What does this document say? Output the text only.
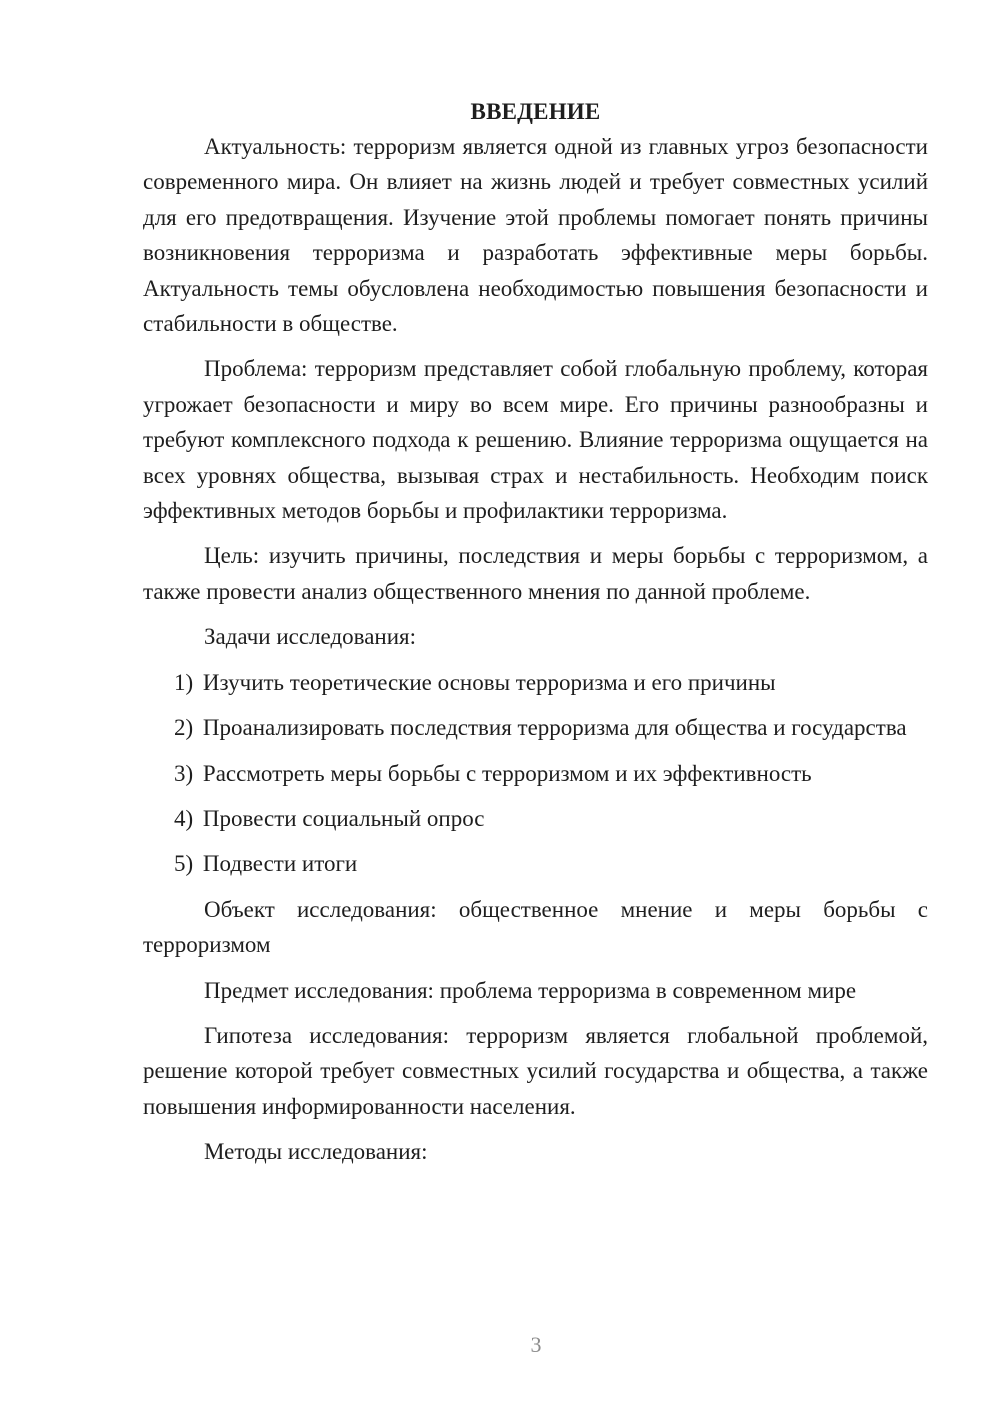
ВВЕДЕНИЕ

Актуальность: терроризм является одной из главных угроз безопасности современного мира. Он влияет на жизнь людей и требует совместных усилий для его предотвращения. Изучение этой проблемы помогает понять причины возникновения терроризма и разработать эффективные меры борьбы. Актуальность темы обусловлена необходимостью повышения безопасности и стабильности в обществе.

Проблема: терроризм представляет собой глобальную проблему, которая угрожает безопасности и миру во всем мире. Его причины разнообразны и требуют комплексного подхода к решению. Влияние терроризма ощущается на всех уровнях общества, вызывая страх и нестабильность. Необходим поиск эффективных методов борьбы и профилактики терроризма.

Цель: изучить причины, последствия и меры борьбы с терроризмом, а также провести анализ общественного мнения по данной проблеме.

Задачи исследования:

1) Изучить теоретические основы терроризма и его причины

2) Проанализировать последствия терроризма для общества и государства

3) Рассмотреть меры борьбы с терроризмом и их эффективность

4) Провести социальный опрос

5) Подвести итоги

Объект исследования: общественное мнение и меры борьбы с терроризмом

Предмет исследования: проблема терроризма в современном мире

Гипотеза исследования: терроризм является глобальной проблемой, решение которой требует совместных усилий государства и общества, а также повышения информированности населения.

Методы исследования:

3
